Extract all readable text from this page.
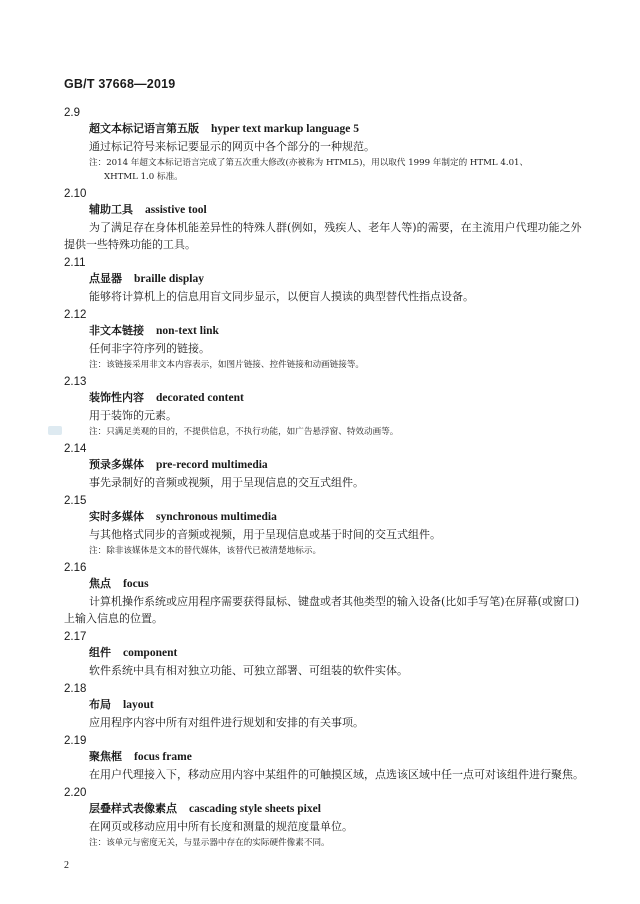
GB/T 37668—2019
2.9
超文本标记语言第五版 hyper text markup language 5
通过标记符号来标记要显示的网页中各个部分的一种规范。
注：2014 年超文本标记语言完成了第五次重大修改(亦被称为 HTML5)，用以取代 1999 年制定的 HTML 4.01、
XHTML 1.0 标准。
2.10
辅助工具 assistive tool
为了满足存在身体机能差异性的特殊人群(例如，残疾人、老年人等)的需要，在主流用户代理功能之外提供一些特殊功能的工具。
2.11
点显器 braille display
能够将计算机上的信息用盲文同步显示，以便盲人摸读的典型替代性指点设备。
2.12
非文本链接 non-text link
任何非字符序列的链接。
注：该链接采用非文本内容表示，如图片链接、控件链接和动画链接等。
2.13
装饰性内容 decorated content
用于装饰的元素。
注：只满足美观的目的，不提供信息，不执行功能，如广告悬浮窗、特效动画等。
2.14
预录多媒体 pre-record multimedia
事先录制好的音频或视频，用于呈现信息的交互式组件。
2.15
实时多媒体 synchronous multimedia
与其他格式同步的音频或视频，用于呈现信息或基于时间的交互式组件。
注：除非该媒体是文本的替代媒体，该替代已被清楚地标示。
2.16
焦点 focus
计算机操作系统或应用程序需要获得鼠标、键盘或者其他类型的输入设备(比如手写笔)在屏幕(或窗口)上输入信息的位置。
2.17
组件 component
软件系统中具有相对独立功能、可独立部署、可组装的软件实体。
2.18
布局 layout
应用程序内容中所有对组件进行规划和安排的有关事项。
2.19
聚焦框 focus frame
在用户代理接入下，移动应用内容中某组件的可触摸区域，点选该区域中任一点可对该组件进行聚焦。
2.20
层叠样式表像素点 cascading style sheets pixel
在网页或移动应用中所有长度和测量的规范度量单位。
注：该单元与密度无关，与显示器中存在的实际硬件像素不同。
2
